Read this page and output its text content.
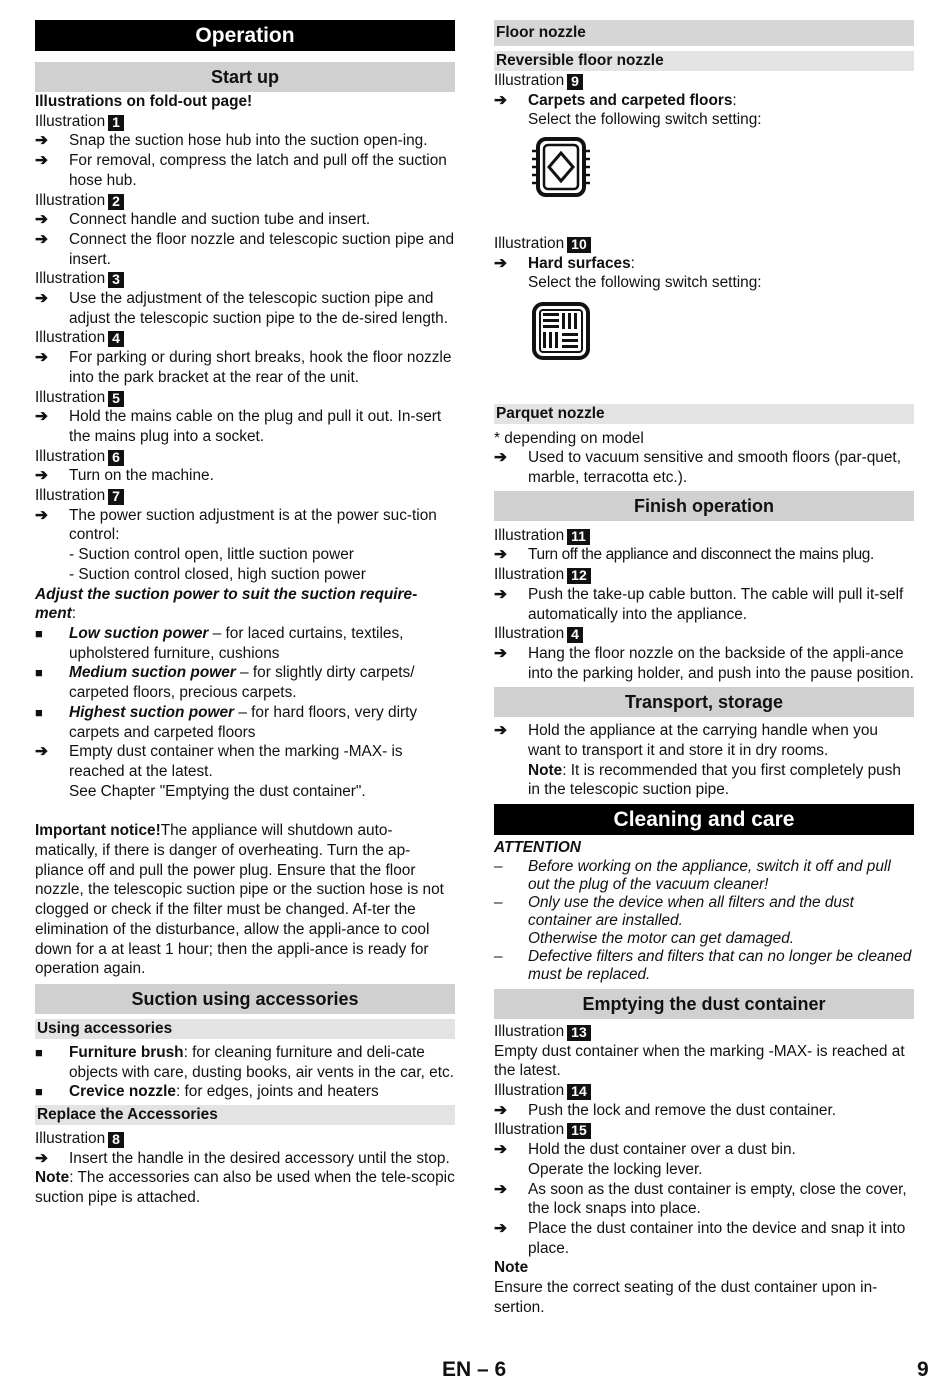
Operation
Start up
Illustrations on fold-out page!
Illustration 1
➔	Snap the suction hose hub into the suction open-ing.
➔	For removal, compress the latch and pull off the suction hose hub.
Illustration 2
➔	Connect handle and suction tube and insert.
➔	Connect the floor nozzle and telescopic suction pipe and insert.
Illustration 3
➔	Use the adjustment of the telescopic suction pipe and adjust the telescopic suction pipe to the de-sired length.
Illustration 4
➔	For parking or during short breaks, hook the floor nozzle into the park bracket at the rear of the unit.
Illustration 5
➔	Hold the mains cable on the plug and pull it out. In-sert the mains plug into a socket.
Illustration 6
➔	Turn on the machine.
Illustration 7
➔	The power suction adjustment is at the power suc-tion control:
- Suction control open, little suction power
- Suction control closed, high suction power
Adjust the suction power to suit the suction require-ment:
■	Low suction power – for laced curtains, textiles, upholstered furniture, cushions
■	Medium suction power – for slightly dirty carpets/ carpeted floors, precious carpets.
■	Highest suction power – for hard floors, very dirty carpets and carpeted floors
➔	Empty dust container when the marking -MAX- is reached at the latest.
See Chapter "Emptying the dust container".
Important notice!The appliance will shutdown auto-matically, if there is danger of overheating. Turn the ap-pliance off and pull the power plug. Ensure that the floor nozzle, the telescopic suction pipe or the suction hose is not clogged or check if the filter must be changed. Af-ter the elimination of the disturbance, allow the appli-ance to cool down for a at least 1 hour; then the appli-ance is ready for operation again.
Suction using accessories
Using accessories
■	Furniture brush: for cleaning furniture and deli-cate objects with care, dusting books, air vents in the car, etc.
■	Crevice nozzle: for edges, joints and heaters
Replace the Accessories
Illustration 8
➔	Insert the handle in the desired accessory until the stop.
Note: The accessories can also be used when the tele-scopic suction pipe is attached.
Floor nozzle
Reversible floor nozzle
Illustration 9
➔	Carpets and carpeted floors:
Select the following switch setting:
Illustration 10
➔	Hard surfaces:
Select the following switch setting:
Parquet nozzle
* depending on model
➔	Used to vacuum sensitive and smooth floors (par-quet, marble, terracotta etc.).
Finish operation
Illustration 11
➔	Turn off the appliance and disconnect the mains plug.
Illustration 12
➔	Push the take-up cable button. The cable will pull it-self automatically into the appliance.
Illustration 4
➔	Hang the floor nozzle on the backside of the appli-ance into the parking holder, and push into the pause position.
Transport, storage
➔	Hold the appliance at the carrying handle when you want to transport it and store it in dry rooms.
Note: It is recommended that you first completely push in the telescopic suction pipe.
Cleaning and care
ATTENTION
–	Before working on the appliance, switch it off and pull out the plug of the vacuum cleaner!
–	Only use the device when all filters and the dust container are installed.
Otherwise the motor can get damaged.
–	Defective filters and filters that can no longer be cleaned must be replaced.
Emptying the dust container
Illustration 13
Empty dust container when the marking -MAX- is reached at the latest.
Illustration 14
➔	Push the lock and remove the dust container.
Illustration 15
➔	Hold the dust container over a dust bin.
Operate the locking lever.
➔	As soon as the dust container is empty, close the cover, the lock snaps into place.
➔	Place the dust container into the device and snap it into place.
Note
Ensure the correct seating of the dust container upon in-sertion.
EN – 6	9
